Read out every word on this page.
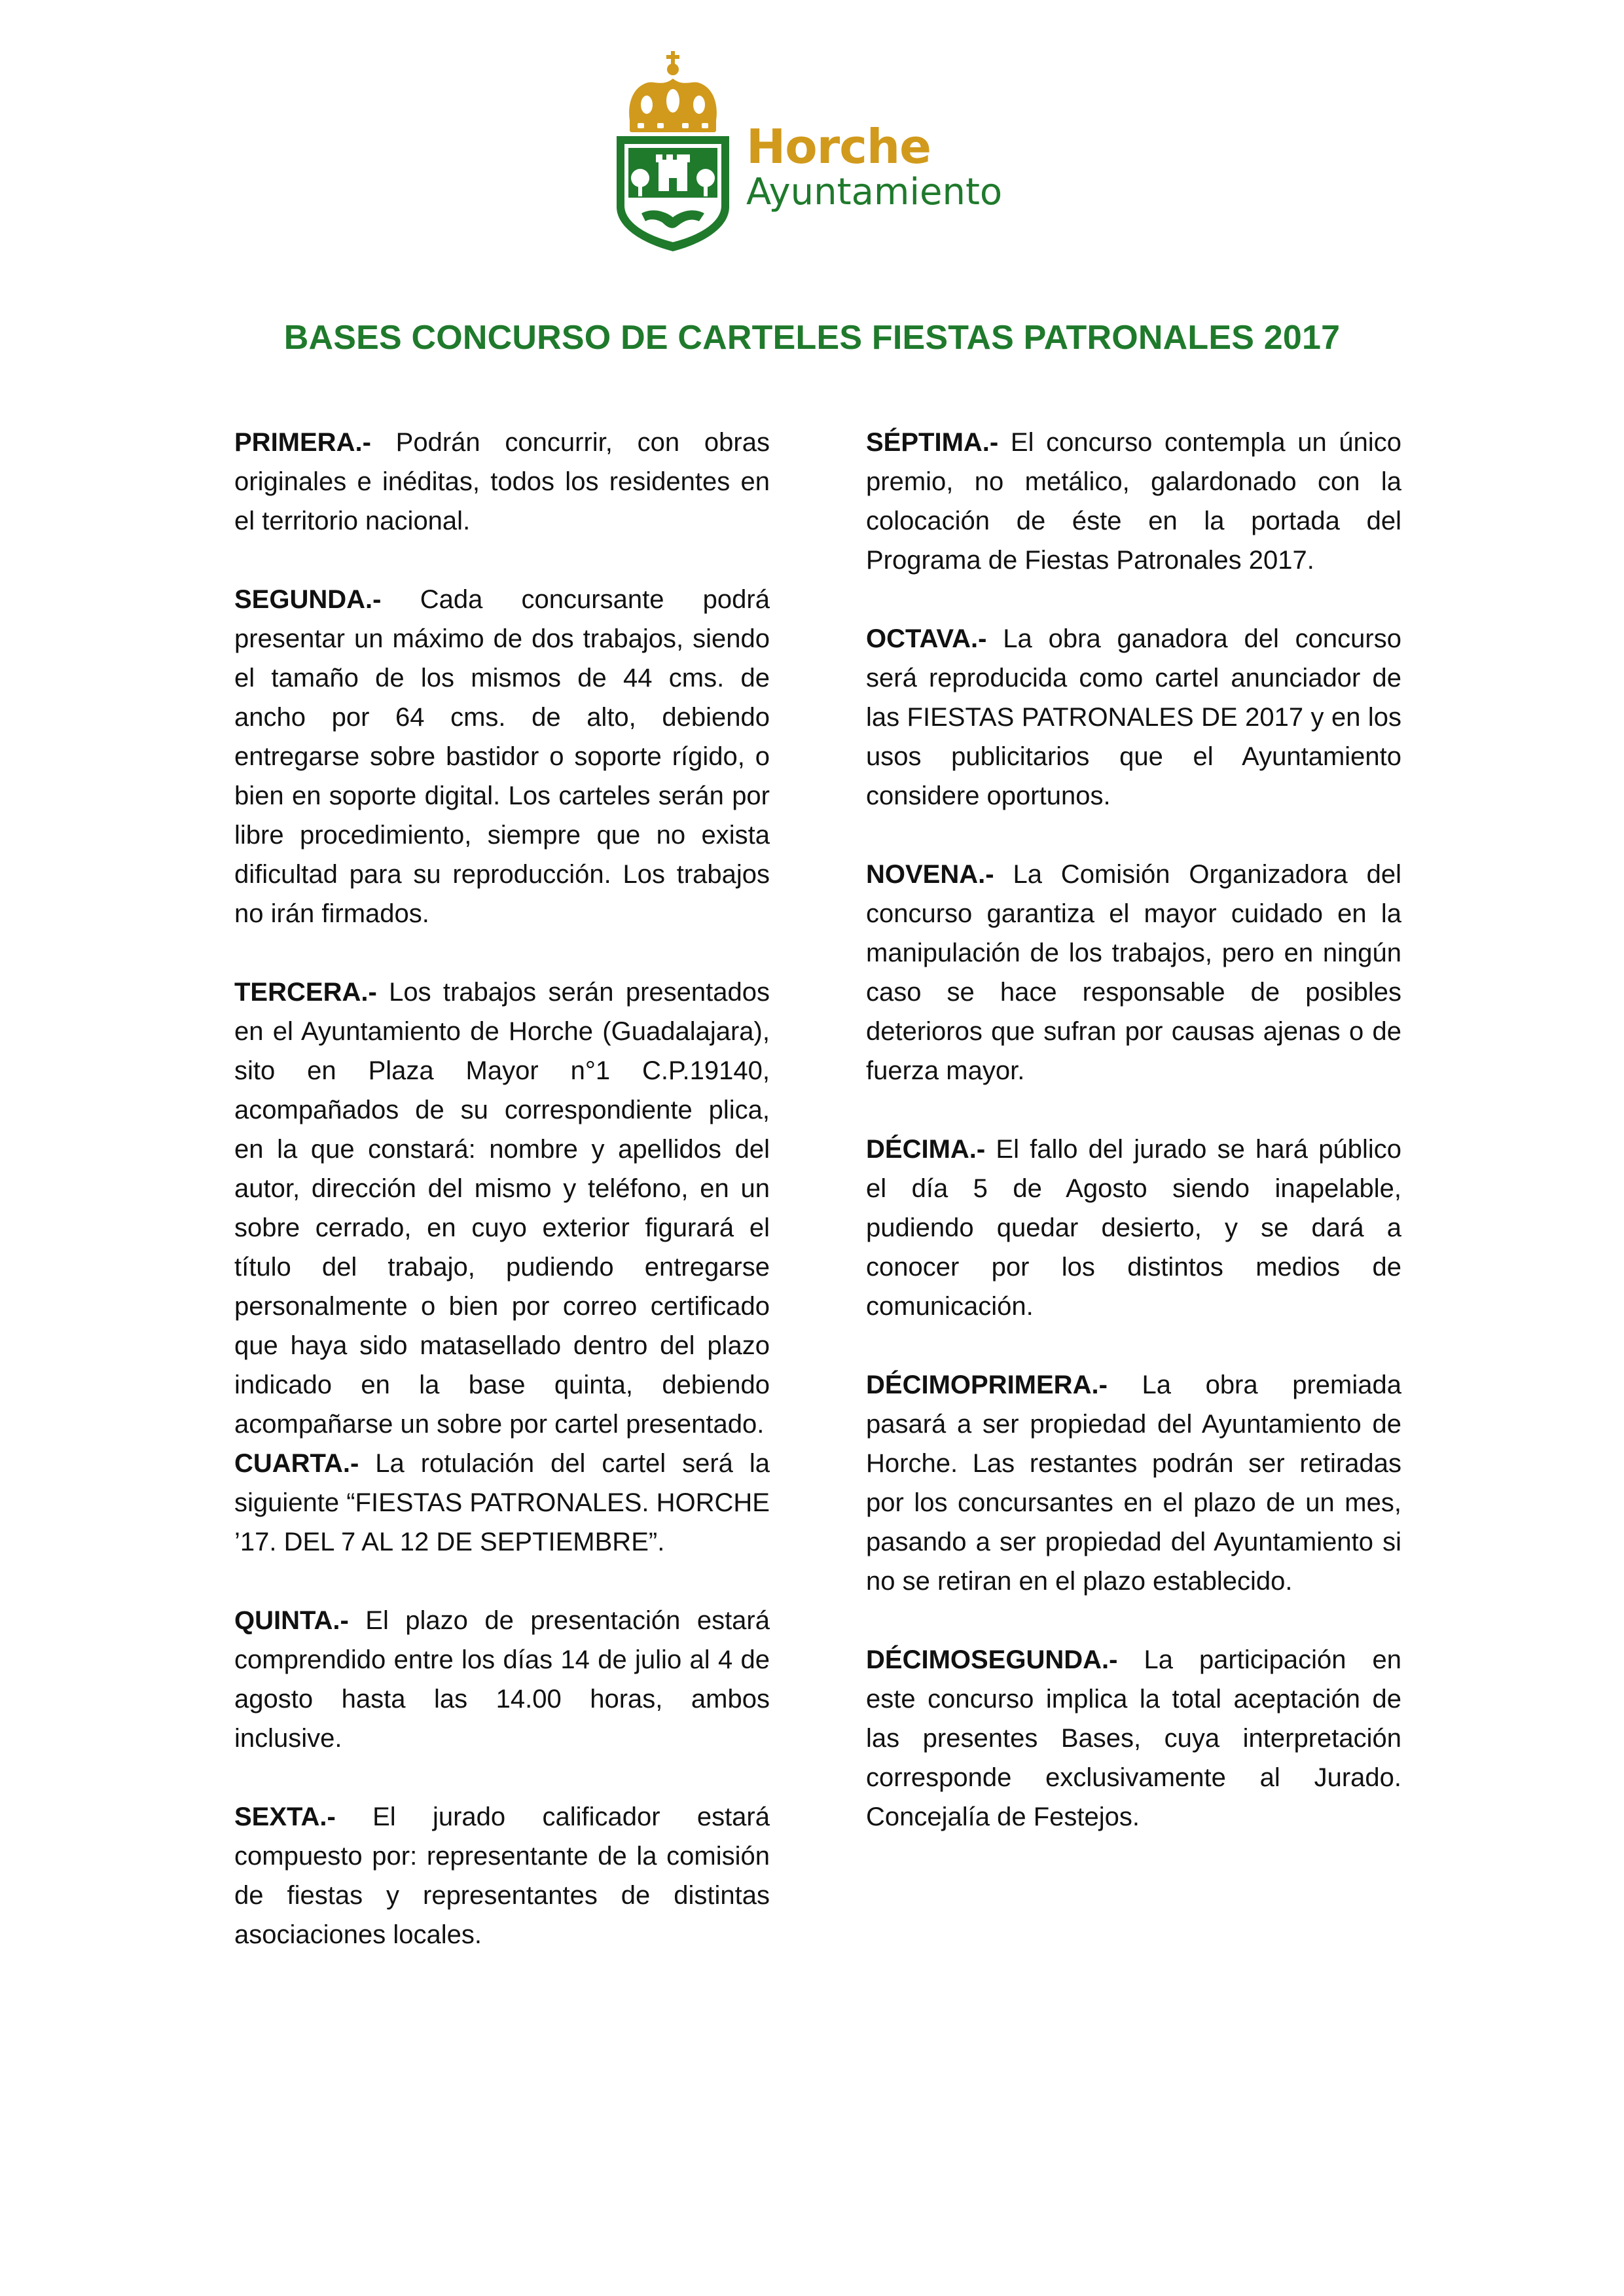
Horche
Ayuntamiento
BASES CONCURSO DE CARTELES FIESTAS PATRONALES 2017

PRIMERA.- Podrán concurrir, con obras originales e inéditas, todos los residentes en el territorio nacional.

SEGUNDA.- Cada concursante podrá presentar un máximo de dos trabajos, siendo el tamaño de los mismos de 44 cms. de ancho por 64 cms. de alto, debiendo entregarse sobre bastidor o soporte rígido, o bien en soporte digital. Los carteles serán por libre procedimiento, siempre que no exista dificultad para su reproducción. Los trabajos no irán firmados.

TERCERA.- Los trabajos serán presentados en el Ayuntamiento de Horche (Guadalajara), sito en Plaza Mayor n°1 C.P.19140, acompañados de su correspondiente plica, en la que constará: nombre y apellidos del autor, dirección del mismo y teléfono, en un sobre cerrado, en cuyo exterior figurará el título del trabajo, pudiendo entregarse personalmente o bien por correo certificado que haya sido matasellado dentro del plazo indicado en la base quinta, debiendo acompañarse un sobre por cartel presentado.

CUARTA.- La rotulación del cartel será la siguiente “FIESTAS PATRONALES. HORCHE ’17. DEL 7 AL 12 DE SEPTIEMBRE”.

QUINTA.- El plazo de presentación estará comprendido entre los días 14 de julio al 4 de agosto hasta las 14.00 horas, ambos inclusive.

SEXTA.- El jurado calificador estará compuesto por: representante de la comisión de fiestas y representantes de distintas asociaciones locales.

SÉPTIMA.- El concurso contempla un único premio, no metálico, galardonado con la colocación de éste en la portada del Programa de Fiestas Patronales 2017.

OCTAVA.- La obra ganadora del concurso será reproducida como cartel anunciador de las FIESTAS PATRONALES DE 2017 y en los usos publicitarios que el Ayuntamiento considere oportunos.

NOVENA.- La Comisión Organizadora del concurso garantiza el mayor cuidado en la manipulación de los trabajos, pero en ningún caso se hace responsable de posibles deterioros que sufran por causas ajenas o de fuerza mayor.

DÉCIMA.- El fallo del jurado se hará público el día 5 de Agosto siendo inapelable, pudiendo quedar desierto, y se dará a conocer por los distintos medios de comunicación.

DÉCIMOPRIMERA.- La obra premiada pasará a ser propiedad del Ayuntamiento de Horche. Las restantes podrán ser retiradas por los concursantes en el plazo de un mes, pasando a ser propiedad del Ayuntamiento si no se retiran en el plazo establecido.

DÉCIMOSEGUNDA.- La participación en este concurso implica la total aceptación de las presentes Bases, cuya interpretación corresponde exclusivamente al Jurado. Concejalía de Festejos.
